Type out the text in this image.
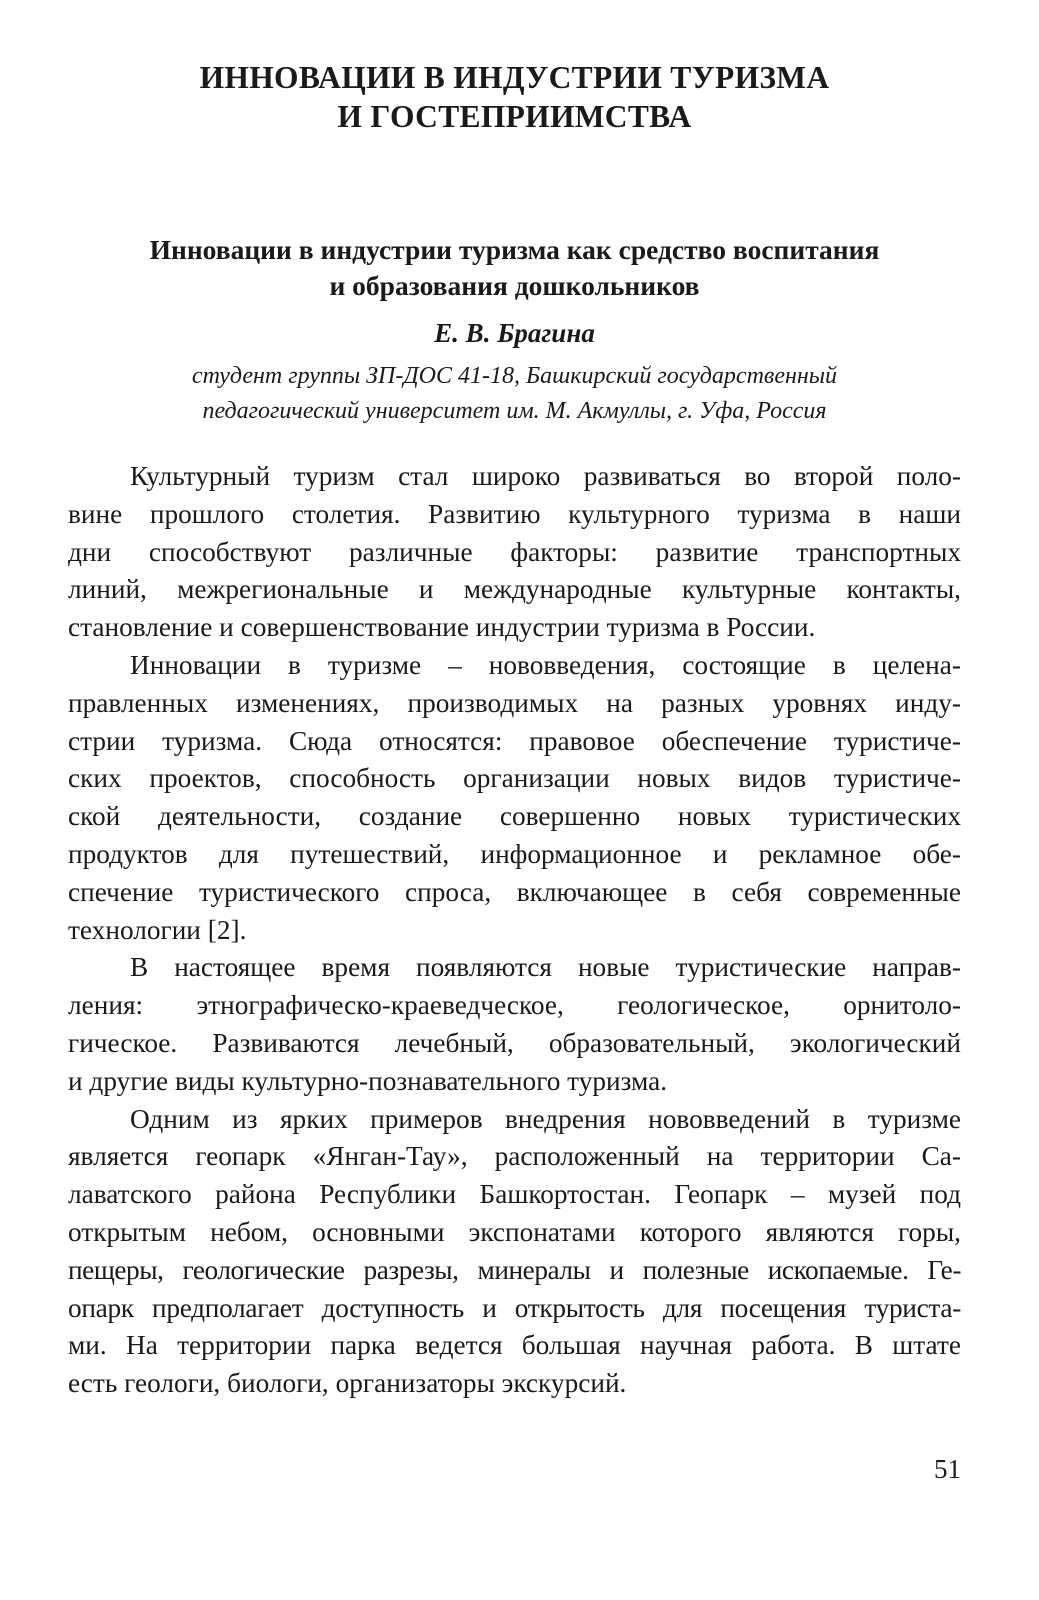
ИННОВАЦИИ В ИНДУСТРИИ ТУРИЗМА
И ГОСТЕПРИИМСТВА
Инновации в индустрии туризма как средство воспитания
и образования дошкольников
Е. В. Брагина
студент группы ЗП-ДОС 41-18, Башкирский государственный
педагогический университет им. М. Акмуллы, г. Уфа, Россия

Культурный туризм стал широко развиваться во второй поло-
вине прошлого столетия. Развитию культурного туризма в наши
дни способствуют различные факторы: развитие транспортных
линий, межрегиональные и международные культурные контакты,
становление и совершенствование индустрии туризма в России.

Инновации в туризме – нововведения, состоящие в целена-
правленных изменениях, производимых на разных уровнях инду-
стрии туризма. Сюда относятся: правовое обеспечение туристиче-
ских проектов, способность организации новых видов туристиче-
ской деятельности, создание совершенно новых туристических
продуктов для путешествий, информационное и рекламное обе-
спечение туристического спроса, включающее в себя современные
технологии [2].

В настоящее время появляются новые туристические направ-
ления: этнографическо-краеведческое, геологическое, орнитоло-
гическое. Развиваются лечебный, образовательный, экологический
и другие виды культурно-познавательного туризма.

Одним из ярких примеров внедрения нововведений в туризме
является геопарк «Янган-Тау», расположенный на территории Са-
лаватского района Республики Башкортостан. Геопарк – музей под
открытым небом, основными экспонатами которого являются горы,
пещеры, геологические разрезы, минералы и полезные ископаемые. Ге-
опарк предполагает доступность и открытость для посещения туриста-
ми. На территории парка ведется большая научная работа. В штате
есть геологи, биологи, организаторы экскурсий.

51
